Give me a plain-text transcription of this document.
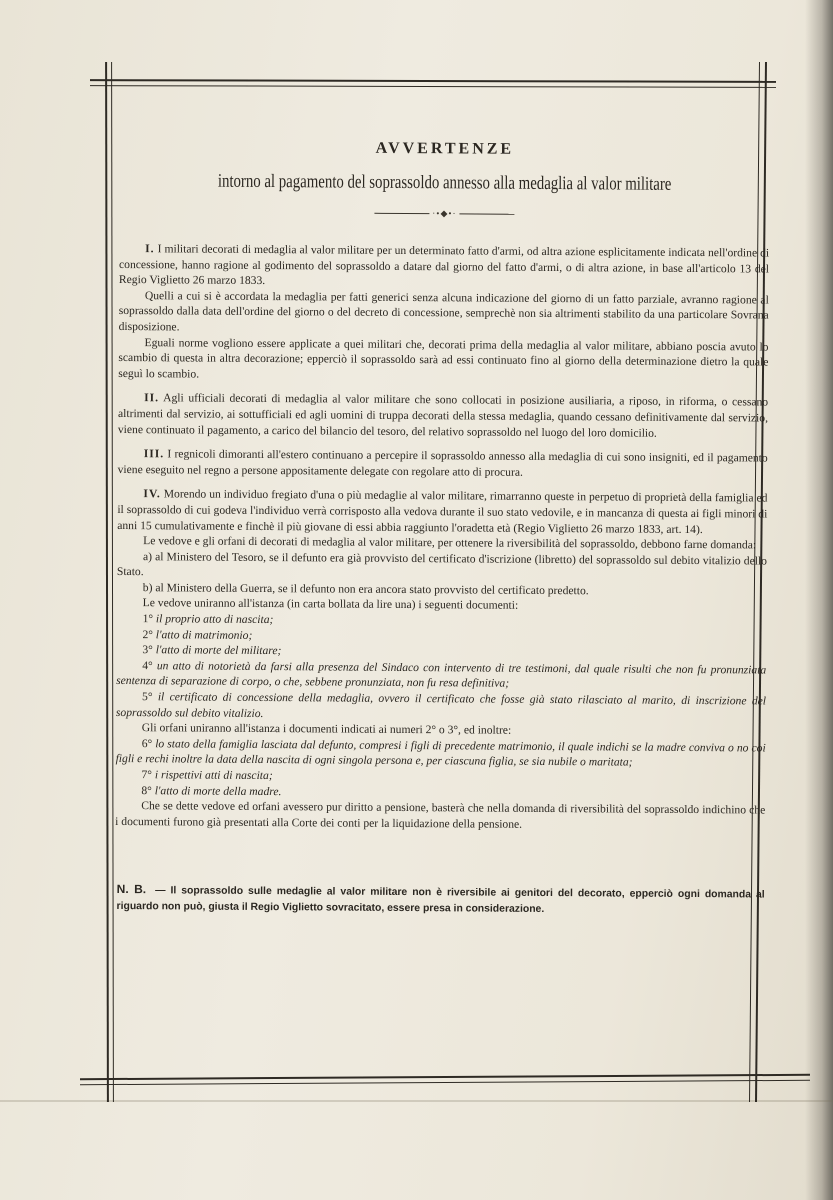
AVVERTENZE
intorno al pagamento del soprassoldo annesso alla medaglia al valor militare
·•◆•·

I. I militari decorati di medaglia al valor militare per un determinato fatto d'armi, od altra azione esplicitamente indicata nell'ordine di concessione, hanno ragione al godimento del soprassoldo a datare dal giorno del fatto d'armi, o di altra azione, in base all'articolo 13 del Regio Viglietto 26 marzo 1833.

Quelli a cui si è accordata la medaglia per fatti generici senza alcuna indicazione del giorno di un fatto parziale, avranno ragione al soprassoldo dalla data dell'ordine del giorno o del decreto di concessione, semprechè non sia altrimenti stabilito da una particolare Sovrana disposizione.

Eguali norme vogliono essere applicate a quei militari che, decorati prima della medaglia al valor militare, abbiano poscia avuto lo scambio di questa in altra decorazione; epperciò il soprassoldo sarà ad essi continuato fino al giorno della determinazione dietro la quale seguì lo scambio.

II. Agli ufficiali decorati di medaglia al valor militare che sono collocati in posizione ausiliaria, a riposo, in riforma, o cessano altrimenti dal servizio, ai sottufficiali ed agli uomini di truppa decorati della stessa medaglia, quando cessano definitivamente dal servizio, viene continuato il pagamento, a carico del bilancio del tesoro, del relativo soprassoldo nel luogo del loro domicilio.

III. I regnicoli dimoranti all'estero continuano a percepire il soprassoldo annesso alla medaglia di cui sono insigniti, ed il pagamento viene eseguito nel regno a persone appositamente delegate con regolare atto di procura.

IV. Morendo un individuo fregiato d'una o più medaglie al valor militare, rimarranno queste in perpetuo di proprietà della famiglia ed il soprassoldo di cui godeva l'individuo verrà corrisposto alla vedova durante il suo stato vedovile, e in mancanza di questa ai figli minori di anni 15 cumulativamente e finchè il più giovane di essi abbia raggiunto l'oradetta età (Regio Viglietto 26 marzo 1833, art. 14).

Le vedove e gli orfani di decorati di medaglia al valor militare, per ottenere la riversibilità del soprassoldo, debbono farne domanda:

a) al Ministero del Tesoro, se il defunto era già provvisto del certificato d'iscrizione (libretto) del soprassoldo sul debito vitalizio dello Stato.

b) al Ministero della Guerra, se il defunto non era ancora stato provvisto del certificato predetto.

Le vedove uniranno all'istanza (in carta bollata da lire una) i seguenti documenti:

1° il proprio atto di nascita;

2° l'atto di matrimonio;

3° l'atto di morte del militare;

4° un atto di notorietà da farsi alla presenza del Sindaco con intervento di tre testimoni, dal quale risulti che non fu pronunziata sentenza di separazione di corpo, o che, sebbene pronunziata, non fu resa definitiva;

5° il certificato di concessione della medaglia, ovvero il certificato che fosse già stato rilasciato al marito, di inscrizione del soprassoldo sul debito vitalizio.

Gli orfani uniranno all'istanza i documenti indicati ai numeri 2° o 3°, ed inoltre:

6° lo stato della famiglia lasciata dal defunto, compresi i figli di precedente matrimonio, il quale indichi se la madre conviva o no coi figli e rechi inoltre la data della nascita di ogni singola persona e, per ciascuna figlia, se sia nubile o maritata;

7° i rispettivi atti di nascita;

8° l'atto di morte della madre.

Che se dette vedove ed orfani avessero pur diritto a pensione, basterà che nella domanda di riversibilità del soprassoldo indichino che i documenti furono già presentati alla Corte dei conti per la liquidazione della pensione.

N. B. — Il soprassoldo sulle medaglie al valor militare non è riversibile ai genitori del decorato, epperciò ogni domanda al riguardo non può, giusta il Regio Viglietto sovracitato, essere presa in considerazione.
